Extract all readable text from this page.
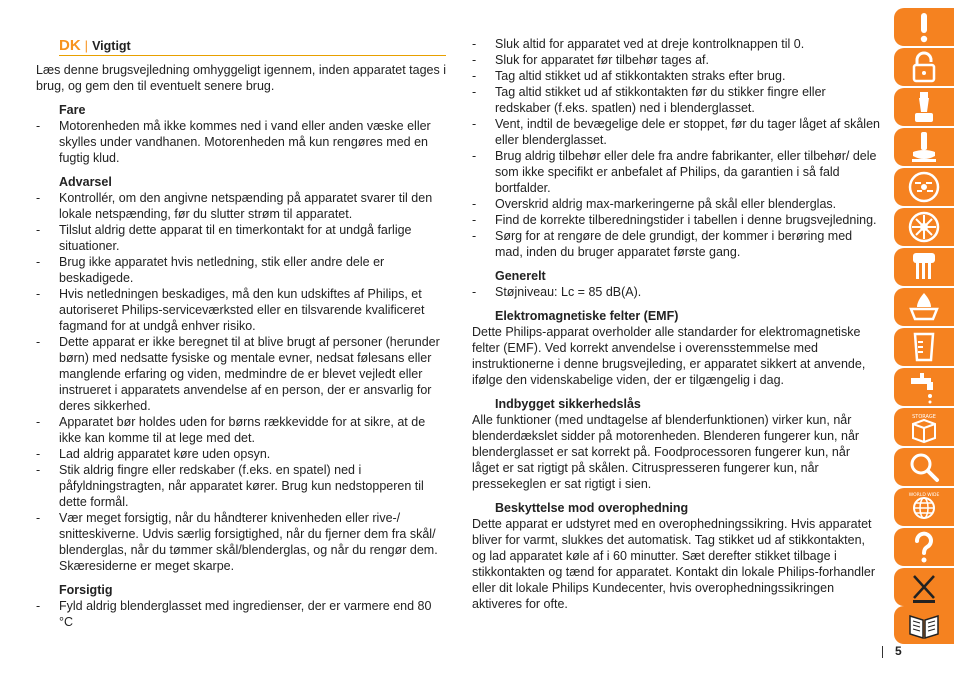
DK | Vigtigt

Læs denne brugsvejledning omhyggeligt igennem, inden apparatet tages i brug, og gem den til eventuelt senere brug.

Fare

- Motorenheden må ikke kommes ned i vand eller anden væske eller skylles under vandhanen. Motorenheden må kun rengøres med en fugtig klud.

Advarsel

- Kontrollér, om den angivne netspænding på apparatet svarer til den lokale netspænding, før du slutter strøm til apparatet.
- Tilslut aldrig dette apparat til en timerkontakt for at undgå farlige situationer.
- Brug ikke apparatet hvis netledning, stik eller andre dele er beskadigede.
- Hvis netledningen beskadiges, må den kun udskiftes af Philips, et autoriseret Philips-serviceværksted eller en tilsvarende kvalificeret fagmand for at undgå enhver risiko.
- Dette apparat er ikke beregnet til at blive brugt af personer (herunder børn) med nedsatte fysiske og mentale evner, nedsat følesans eller manglende erfaring og viden, medmindre de er blevet vejledt eller instrueret i apparatets anvendelse af en person, der er ansvarlig for deres sikkerhed.
- Apparatet bør holdes uden for børns rækkevidde for at sikre, at de ikke kan komme til at lege med det.
- Lad aldrig apparatet køre uden opsyn.
- Stik aldrig fingre eller redskaber (f.eks. en spatel) ned i påfyldningstragten, når apparatet kører. Brug kun nedstopperen til dette formål.
- Vær meget forsigtig, når du håndterer knivenheden eller rive-/ snitteskiverne. Udvis særlig forsigtighed, når du fjerner dem fra skål/ blenderglas, når du tømmer skål/blenderglas, og når du rengør dem. Skæresiderne er meget skarpe.

Forsigtig

- Fyld aldrig blenderglasset med ingredienser, der er varmere end 80 °C
- Sluk altid for apparatet ved at dreje kontrolknappen til 0.
- Sluk for apparatet før tilbehør tages af.
- Tag altid stikket ud af stikkontakten straks efter brug.
- Tag altid stikket ud af stikkontakten før du stikker fingre eller redskaber (f.eks. spatlen) ned i blenderglasset.
- Vent, indtil de bevægelige dele er stoppet, før du tager låget af skålen eller blenderglasset.
- Brug aldrig tilbehør eller dele fra andre fabrikanter, eller tilbehør/ dele som ikke specifikt er anbefalet af Philips, da garantien i så fald bortfalder.
- Overskrid aldrig max-markeringerne på skål eller blenderglas.
- Find de korrekte tilberedningstider i tabellen i denne brugsvejledning.
- Sørg for at rengøre de dele grundigt, der kommer i berøring med mad, inden du bruger apparatet første gang.

Generelt

- Støjniveau: Lc = 85 dB(A).

Elektromagnetiske felter (EMF)

Dette Philips-apparat overholder alle standarder for elektromagnetiske felter (EMF). Ved korrekt anvendelse i overensstemmelse med instruktionerne i denne brugsvejleding, er apparatet sikkert at anvende, ifølge den videnskabelige viden, der er tilgængelig i dag.

Indbygget sikkerhedslås

Alle funktioner (med undtagelse af blenderfunktionen) virker kun, når blenderdækslet sidder på motorenheden. Blenderen fungerer kun, når blenderglasset er sat korrekt på. Foodprocessoren fungerer kun, når låget er sat rigtigt på skålen. Citruspresseren fungerer kun, når pressekeglen er sat rigtigt i sien.

Beskyttelse mod overophedning

Dette apparat er udstyret med en overophedningssikring. Hvis apparatet bliver for varmt, slukkes det automatisk. Tag stikket ud af stikkontakten, og lad apparatet køle af i 60 minutter. Sæt derefter stikket tilbage i stikkontakten og tænd for apparatet. Kontakt din lokale Philips-forhandler eller dit lokale Philips Kundecenter, hvis overophedningssikringen aktiveres for ofte.

STORAGE
WORLD WIDE
5
